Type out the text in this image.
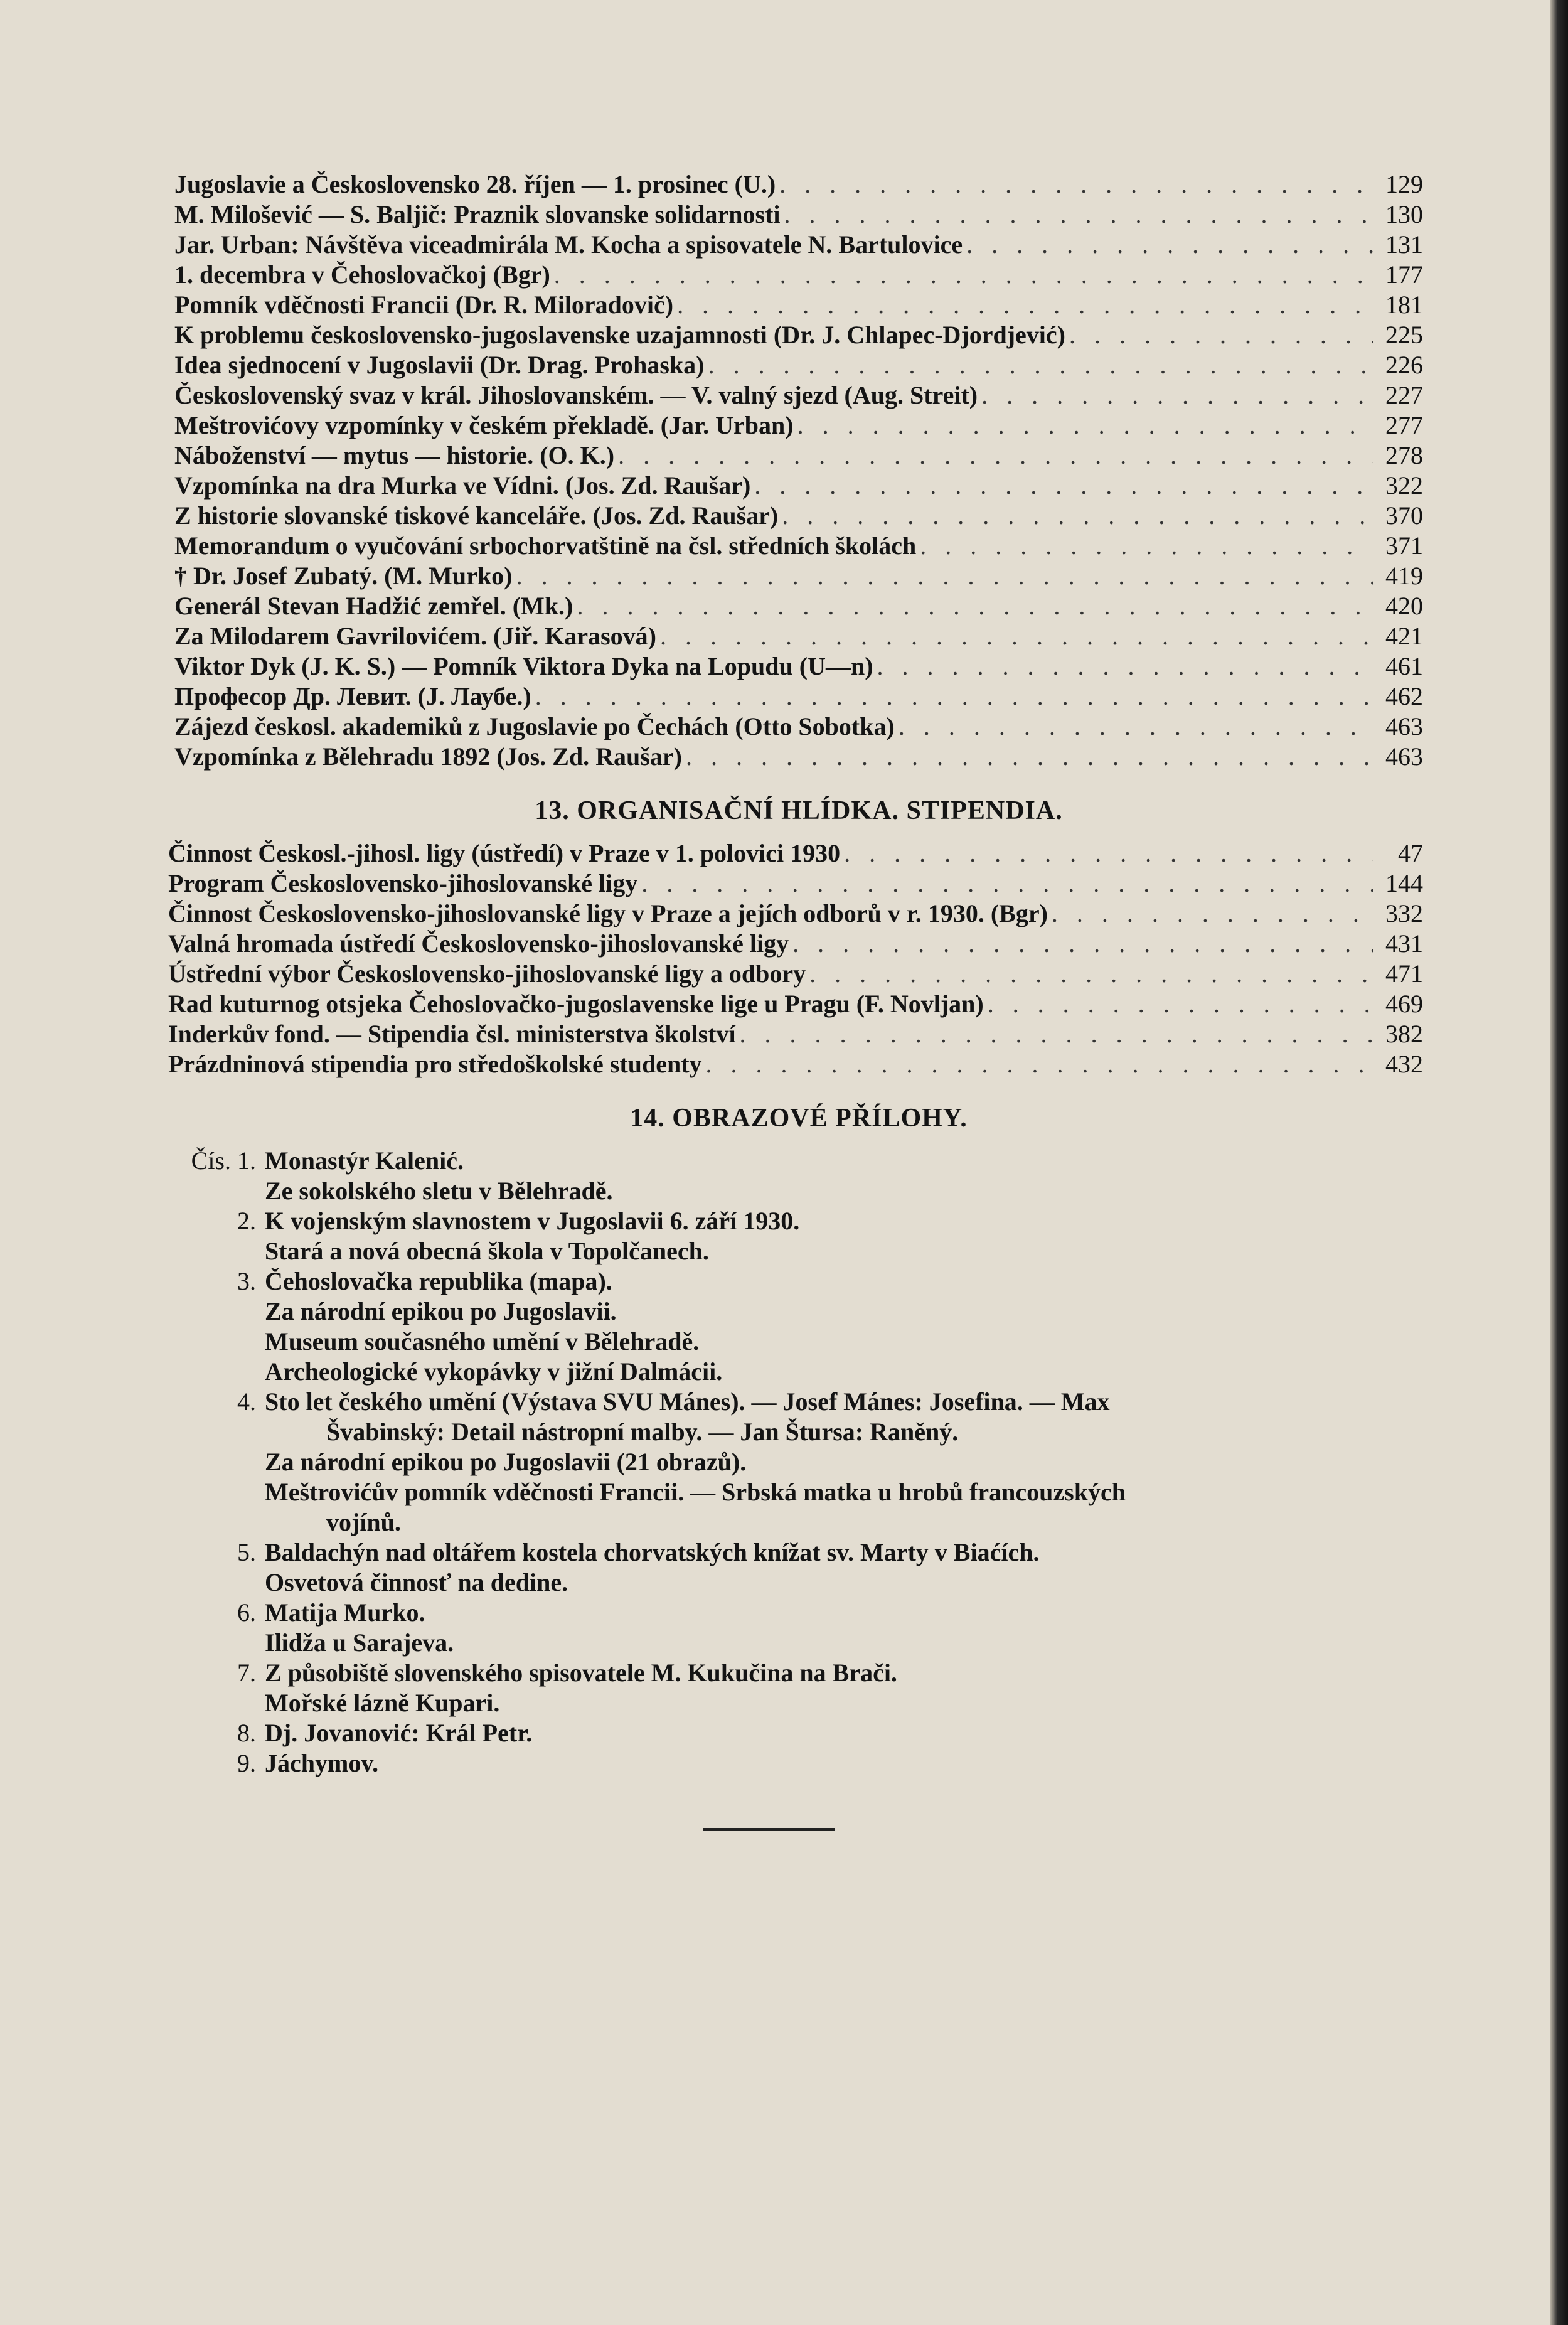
Jugoslavie a Československo 28. říjen — 1. prosinec (U.) . . .	129
M. Milošević — S. Baljič: Praznik slovanske solidarnosti . . .	130
Jar. Urban: Návštěva viceadmirála M. Kocha a spisovatele N. Bartulovice . . .	131
1. decembra v Čehoslovačkoj (Bgr) . . .	177
Pomník vděčnosti Francii (Dr. R. Miloradovič) . . .	181
K problemu československo-jugoslavenske uzajamnosti (Dr. J. Chlapec-Djordjević) . . .	225
Idea sjednocení v Jugoslavii (Dr. Drag. Prohaska) . . .	226
Československý svaz v král. Jihoslovanském. — V. valný sjezd (Aug. Streit) . . .	227
Meštrovićovy vzpomínky v českém překladě. (Jar. Urban) . . .	277
Náboženství — mytus — historie. (O. K.) . . .	278
Vzpomínka na dra Murka ve Vídni. (Jos. Zd. Raušar) . . .	322
Z historie slovanské tiskové kanceláře. (Jos. Zd. Raušar) . . .	370
Memorandum o vyučování srbochorvatštině na čsl. středních školách . . .	371
† Dr. Josef Zubatý. (M. Murko) . . .	419
Generál Stevan Hadžić zemřel. (Mk.) . . .	420
Za Milodarem Gavrilovićem. (Jiř. Karasová) . . .	421
Viktor Dyk (J. K. S.) — Pomník Viktora Dyka na Lopudu (U—n) . . .	461
Професор Др. Левит. (J. Лаубе.) . . .	462
Zájezd českosl. akademiků z Jugoslavie po Čechách (Otto Sobotka) . . .	463
Vzpomínka z Bělehradu 1892 (Jos. Zd. Raušar) . . .	463
13. ORGANISAČNÍ HLÍDKA. STIPENDIA.
Činnost Českosl.-jihosl. ligy (ústředí) v Praze v 1. polovici 1930 . . .	47
Program Československo-jihoslovanské ligy . . .	144
Činnost Československo-jihoslovanské ligy v Praze a jejích odborů v r. 1930. (Bgr) . . .	332
Valná hromada ústředí Československo-jihoslovanské ligy . . .	431
Ústřední výbor Československo-jihoslovanské ligy a odbory . . .	471
Rad kuturnog otsjeka Čehoslovačko-jugoslavenske lige u Pragu (F. Novljan) . . .	469
Inderkův fond. — Stipendia čsl. ministerstva školství . . .	382
Prázdninová stipendia pro středoškolské studenty . . .	432
14. OBRAZOVÉ PŘÍLOHY.
Čís. 1. Monastýr Kalenić.
Ze sokolského sletu v Bělehradě.
2. K vojenským slavnostem v Jugoslavii 6. září 1930.
Stará a nová obecná škola v Topolčanech.
3. Čehoslovačka republika (mapa).
Za národní epikou po Jugoslavii.
Museum současného umění v Bělehradě.
Archeologické vykopávky v jižní Dalmácii.
4. Sto let českého umění (Výstava SVU Mánes). — Josef Mánes: Josefina. — Max
Švabinský: Detail nástropní malby. — Jan Štursa: Raněný.
Za národní epikou po Jugoslavii (21 obrazů).
Meštrovićův pomník vděčnosti Francii. — Srbská matka u hrobů francouzských
vojínů.
5. Baldachýn nad oltářem kostela chorvatských knížat sv. Marty v Biaćích.
Osvetová činnosť na dedine.
6. Matija Murko.
Ilidža u Sarajeva.
7. Z působiště slovenského spisovatele M. Kukučina na Brači.
Mořské lázně Kupari.
8. Dj. Jovanović: Král Petr.
9. Jáchymov.
